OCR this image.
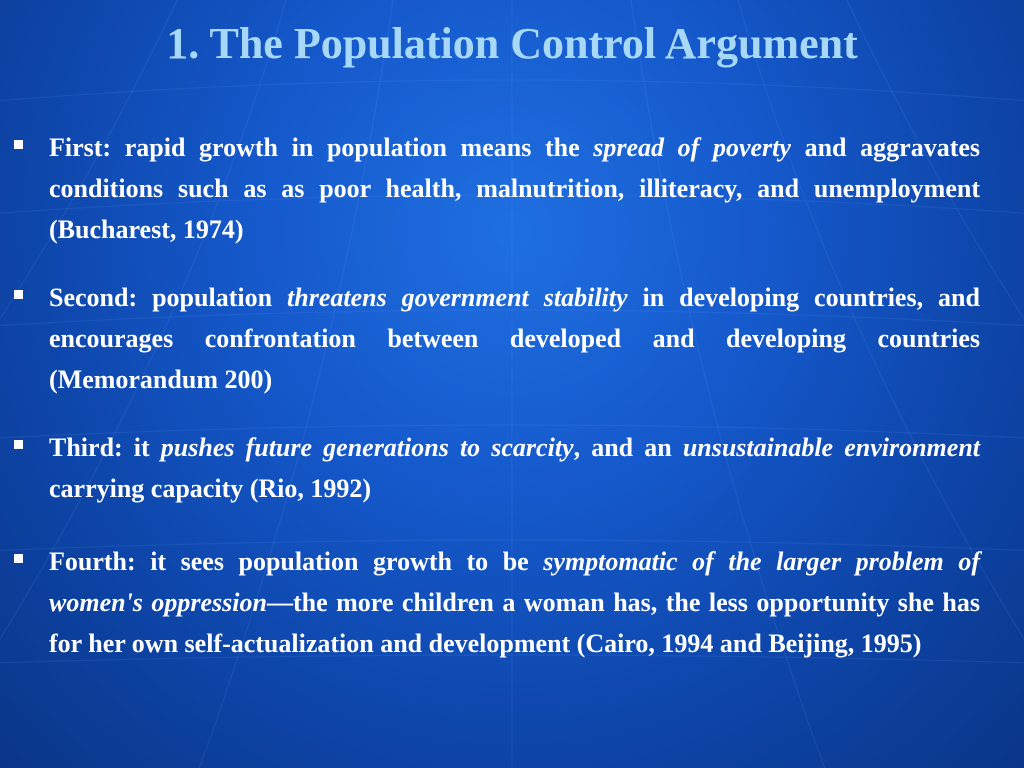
1. The Population Control Argument
First: rapid growth in population means the spread of poverty and aggravates conditions such as as poor health, malnutrition, illiteracy, and unemployment (Bucharest, 1974)
Second: population threatens government stability in developing countries, and encourages confrontation between developed and developing countries (Memorandum 200)
Third: it pushes future generations to scarcity, and an unsustainable environment carrying capacity (Rio, 1992)
Fourth: it sees population growth to be symptomatic of the larger problem of women's oppression—the more children a woman has, the less opportunity she has for her own self-actualization and development (Cairo, 1994 and Beijing, 1995)
